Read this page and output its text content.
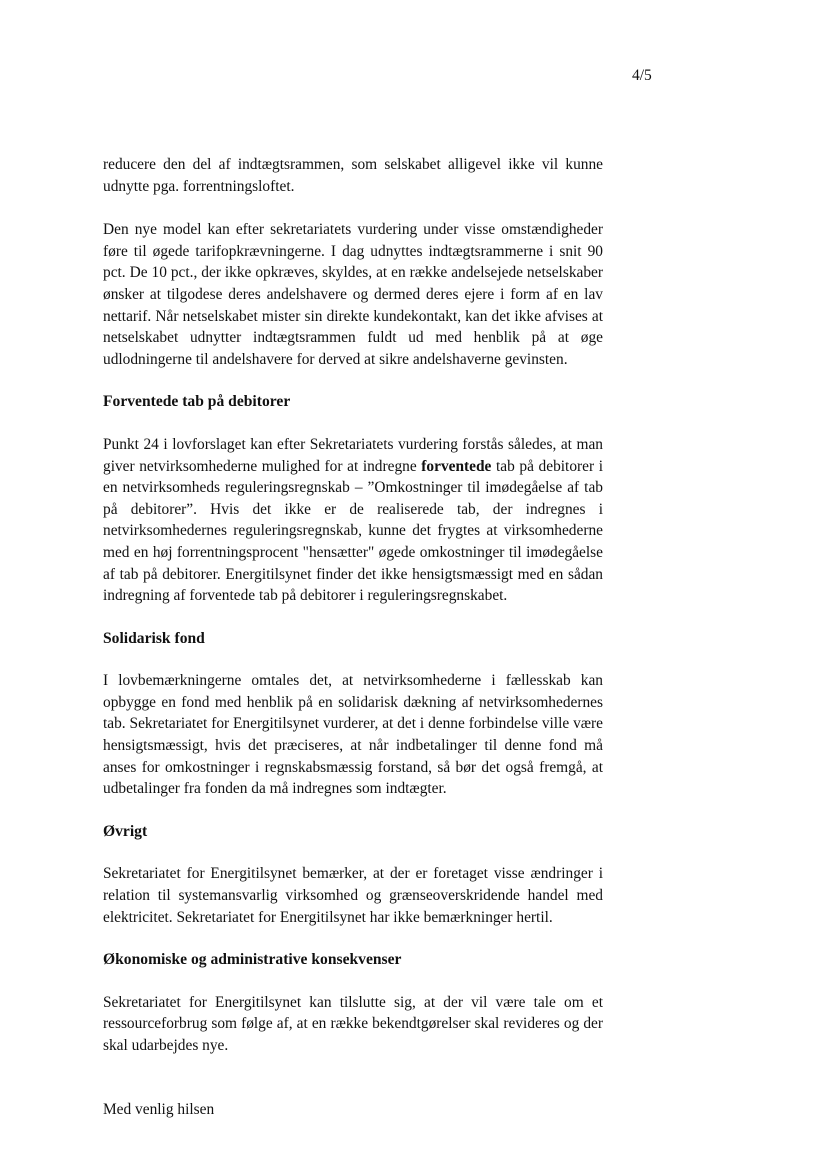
4/5

reducere den del af indtægtsrammen, som selskabet alligevel ikke vil kunne udnytte pga. forrentningsloftet.

Den nye model kan efter sekretariatets vurdering under visse omstændigheder føre til øgede tarifopkrævningerne. I dag udnyttes indtægtsrammerne i snit 90 pct. De 10 pct., der ikke opkræves, skyldes, at en række andelsejede netselskaber ønsker at tilgodese deres andelshavere og dermed deres ejere i form af en lav nettarif. Når netselskabet mister sin direkte kundekontakt, kan det ikke afvises at netselskabet udnytter indtægtsrammen fuldt ud med henblik på at øge udlodningerne til andelshavere for derved at sikre andelshaverne gevinsten.

Forventede tab på debitorer

Punkt 24 i lovforslaget kan efter Sekretariatets vurdering forstås således, at man giver netvirksomhederne mulighed for at indregne forventede tab på debitorer i en netvirksomheds reguleringsregnskab – ”Omkostninger til imødegåelse af tab på debitorer”. Hvis det ikke er de realiserede tab, der indregnes i netvirksomhedernes reguleringsregnskab, kunne det frygtes at virksomhederne med en høj forrentningsprocent "hensætter" øgede omkostninger til imødegåelse af tab på debitorer. Energitilsynet finder det ikke hensigtsmæssigt med en sådan indregning af forventede tab på debitorer i reguleringsregnskabet.

Solidarisk fond

I lovbemærkningerne omtales det, at netvirksomhederne i fællesskab kan opbygge en fond med henblik på en solidarisk dækning af netvirksomhedernes tab. Sekretariatet for Energitilsynet vurderer, at det i denne forbindelse ville være hensigtsmæssigt, hvis det præciseres, at når indbetalinger til denne fond må anses for omkostninger i regnskabsmæssig forstand, så bør det også fremgå, at udbetalinger fra fonden da må indregnes som indtægter.

Øvrigt

Sekretariatet for Energitilsynet bemærker, at der er foretaget visse ændringer i relation til systemansvarlig virksomhed og grænseoverskridende handel med elektricitet. Sekretariatet for Energitilsynet har ikke bemærkninger hertil.

Økonomiske og administrative konsekvenser

Sekretariatet for Energitilsynet kan tilslutte sig, at der vil være tale om et ressourceforbrug som følge af, at en række bekendtgørelser skal revideres og der skal udarbejdes nye.

Med venlig hilsen
